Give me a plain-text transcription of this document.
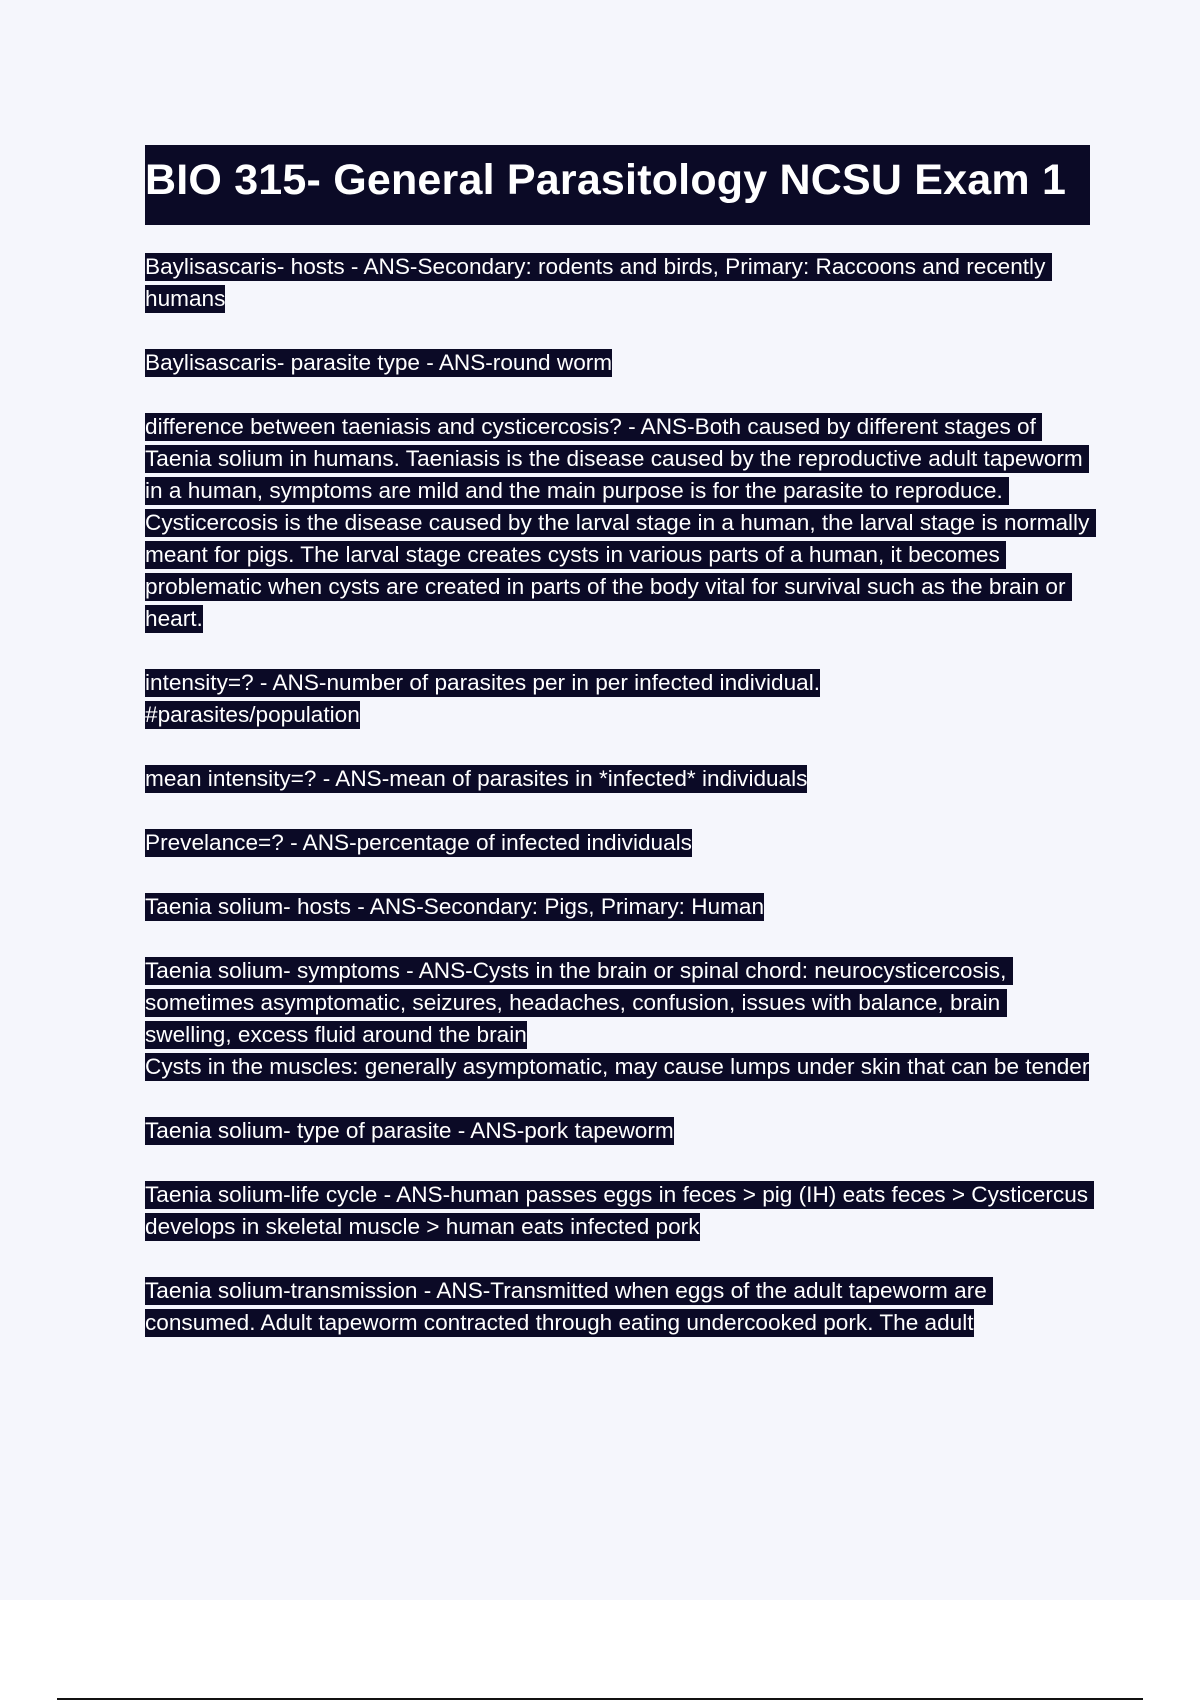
BIO 315- General Parasitology NCSU Exam 1

Baylisascaris- hosts - ANS-Secondary: rodents and birds, Primary: Raccoons and recently humans

Baylisascaris- parasite type - ANS-round worm

difference between taeniasis and cysticercosis? - ANS-Both caused by different stages of Taenia solium in humans. Taeniasis is the disease caused by the reproductive adult tapeworm in a human, symptoms are mild and the main purpose is for the parasite to reproduce. Cysticercosis is the disease caused by the larval stage in a human, the larval stage is normally meant for pigs. The larval stage creates cysts in various parts of a human, it becomes problematic when cysts are created in parts of the body vital for survival such as the brain or heart.

intensity=? - ANS-number of parasites per in per infected individual.
#parasites/population

mean intensity=? - ANS-mean of parasites in *infected* individuals

Prevelance=? - ANS-percentage of infected individuals

Taenia solium- hosts - ANS-Secondary: Pigs, Primary: Human

Taenia solium- symptoms - ANS-Cysts in the brain or spinal chord: neurocysticercosis, sometimes asymptomatic, seizures, headaches, confusion, issues with balance, brain swelling, excess fluid around the brain
Cysts in the muscles: generally asymptomatic, may cause lumps under skin that can be tender

Taenia solium- type of parasite - ANS-pork tapeworm

Taenia solium-life cycle - ANS-human passes eggs in feces > pig (IH) eats feces > Cysticercus develops in skeletal muscle > human eats infected pork

Taenia solium-transmission - ANS-Transmitted when eggs of the adult tapeworm are consumed. Adult tapeworm contracted through eating undercooked pork. The adult
